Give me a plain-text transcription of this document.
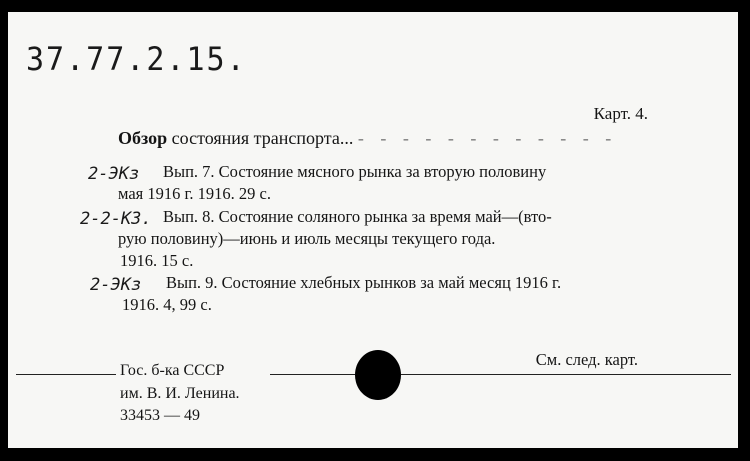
37.77.2.15.
Карт. 4.
Обзор состояния транспорта... - - - - - - - - - - - -
2-ЭКз Вып. 7. Состояние мясного рынка за вторую половину
мая 1916 г. 1916. 29 с.
2-2-КЗ. Вып. 8. Состояние соляного рынка за время май—(вто-
рую половину)—июнь и июль месяцы текущего года.
1916. 15 с.
2-ЭКз Вып. 9. Состояние хлебных рынков за май месяц 1916 г.
1916. 4, 99 с.
См. след. карт.
Гос. б-ка СССР
им. В. И. Ленина.
33453 — 49
